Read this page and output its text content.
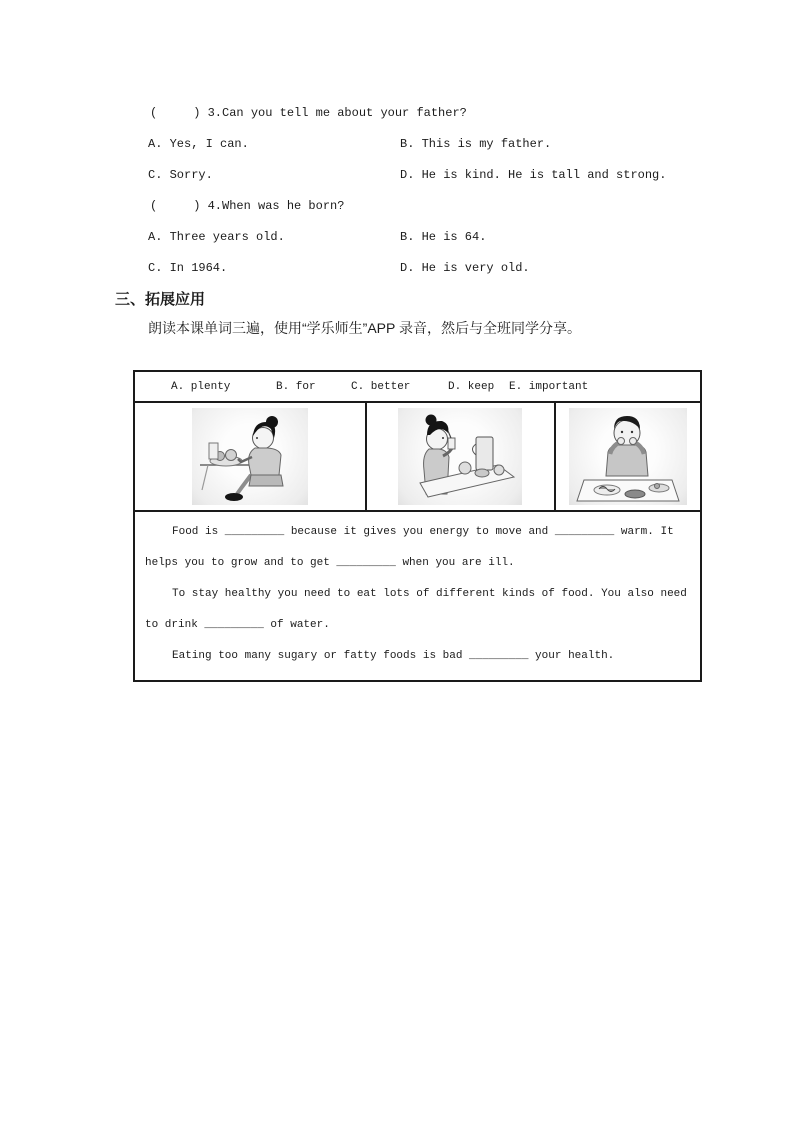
(     ) 3.Can you tell me about your father?
A. Yes, I can.	B. This is my father.
C. Sorry.	D. He is kind. He is tall and strong.
(     ) 4.When was he born?
A. Three years old.	B. He is 64.
C. In 1964.	D. He is very old.
三、拓展应用
朗读本课单词三遍，使用“学乐师生”APP 录音，然后与全班同学分享。
A. plenty	B. for	C. better	D. keep E. important

Food is _________ because it gives you energy to move and _________ warm. It helps you to grow and to get _________ when you are ill.

To stay healthy you need to eat lots of different kinds of food. You also need to drink _________ of water.

Eating too many sugary or fatty foods is bad _________ your health.
